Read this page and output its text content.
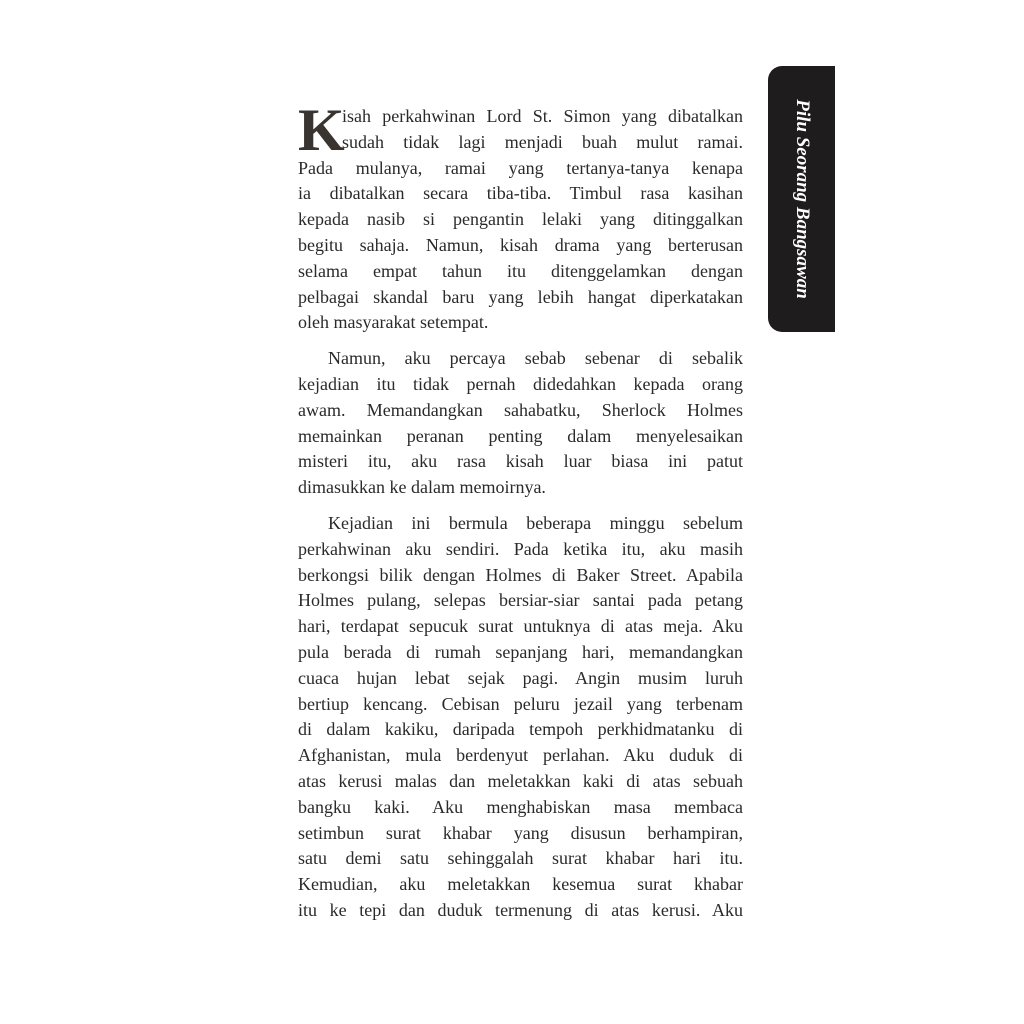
Pilu Seorang Bangsawan
K
isah perkahwinan Lord St. Simon yang dibatalkan
sudah tidak lagi menjadi buah mulut ramai.
Pada mulanya, ramai yang tertanya-tanya kenapa
ia dibatalkan secara tiba-tiba. Timbul rasa kasihan
kepada nasib si pengantin lelaki yang ditinggalkan
begitu sahaja. Namun, kisah drama yang berterusan
selama empat tahun itu ditenggelamkan dengan
pelbagai skandal baru yang lebih hangat diperkatakan
oleh masyarakat setempat.
Namun, aku percaya sebab sebenar di sebalik
kejadian itu tidak pernah didedahkan kepada orang
awam. Memandangkan sahabatku, Sherlock Holmes
memainkan peranan penting dalam menyelesaikan
misteri itu, aku rasa kisah luar biasa ini patut
dimasukkan ke dalam memoirnya.
Kejadian ini bermula beberapa minggu sebelum
perkahwinan aku sendiri. Pada ketika itu, aku masih
berkongsi bilik dengan Holmes di Baker Street. Apabila
Holmes pulang, selepas bersiar-siar santai pada petang
hari, terdapat sepucuk surat untuknya di atas meja. Aku
pula berada di rumah sepanjang hari, memandangkan
cuaca hujan lebat sejak pagi. Angin musim luruh
bertiup kencang. Cebisan peluru jezail yang terbenam
di dalam kakiku, daripada tempoh perkhidmatanku di
Afghanistan, mula berdenyut perlahan. Aku duduk di
atas kerusi malas dan meletakkan kaki di atas sebuah
bangku kaki. Aku menghabiskan masa membaca
setimbun surat khabar yang disusun berhampiran,
satu demi satu sehinggalah surat khabar hari itu.
Kemudian, aku meletakkan kesemua surat khabar
itu ke tepi dan duduk termenung di atas kerusi. Aku
